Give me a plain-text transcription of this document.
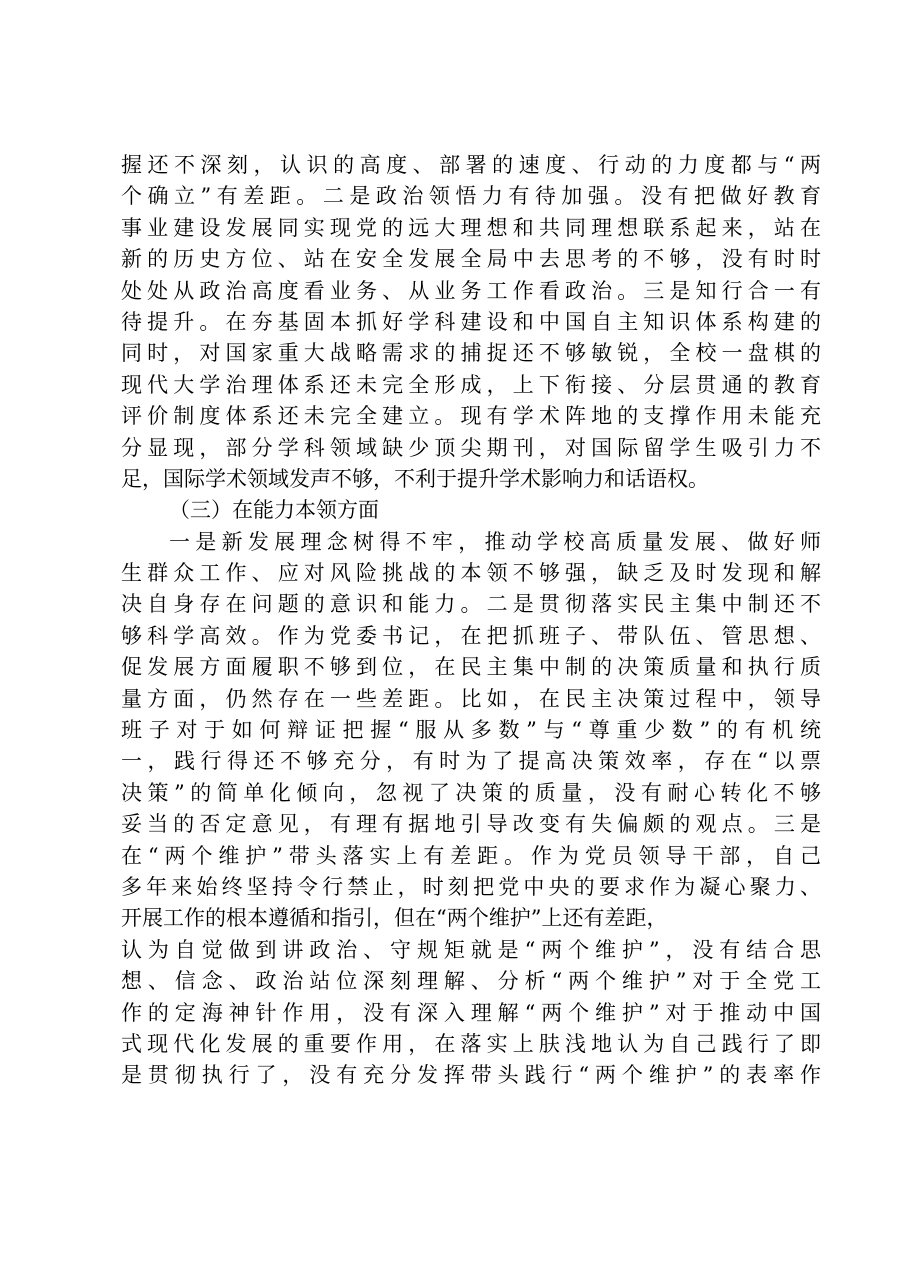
握还不深刻，认识的高度、部署的速度、行动的力度都与“两
个确立”有差距。二是政治领悟力有待加强。没有把做好教育
事业建设发展同实现党的远大理想和共同理想联系起来，站在
新的历史方位、站在安全发展全局中去思考的不够，没有时时
处处从政治高度看业务、从业务工作看政治。三是知行合一有
待提升。在夯基固本抓好学科建设和中国自主知识体系构建的
同时，对国家重大战略需求的捕捉还不够敏锐，全校一盘棋的
现代大学治理体系还未完全形成，上下衔接、分层贯通的教育
评价制度体系还未完全建立。现有学术阵地的支撑作用未能充
分显现，部分学科领域缺少顶尖期刊，对国际留学生吸引力不
足，国际学术领域发声不够，不利于提升学术影响力和话语权。
（三）在能力本领方面
一是新发展理念树得不牢，推动学校高质量发展、做好师
生群众工作、应对风险挑战的本领不够强，缺乏及时发现和解
决自身存在问题的意识和能力。二是贯彻落实民主集中制还不
够科学高效。作为党委书记，在把抓班子、带队伍、管思想、
促发展方面履职不够到位，在民主集中制的决策质量和执行质
量方面，仍然存在一些差距。比如，在民主决策过程中，领导
班子对于如何辩证把握“服从多数”与“尊重少数”的有机统
一，践行得还不够充分，有时为了提高决策效率，存在“以票
决策”的简单化倾向，忽视了决策的质量，没有耐心转化不够
妥当的否定意见，有理有据地引导改变有失偏颇的观点。三是
在“两个维护”带头落实上有差距。作为党员领导干部，自己
多年来始终坚持令行禁止，时刻把党中央的要求作为凝心聚力、
开展工作的根本遵循和指引，但在“两个维护”上还有差距，
认为自觉做到讲政治、守规矩就是“两个维护”，没有结合思
想、信念、政治站位深刻理解、分析“两个维护”对于全党工
作的定海神针作用，没有深入理解“两个维护”对于推动中国
式现代化发展的重要作用，在落实上肤浅地认为自己践行了即
是贯彻执行了，没有充分发挥带头践行“两个维护”的表率作
